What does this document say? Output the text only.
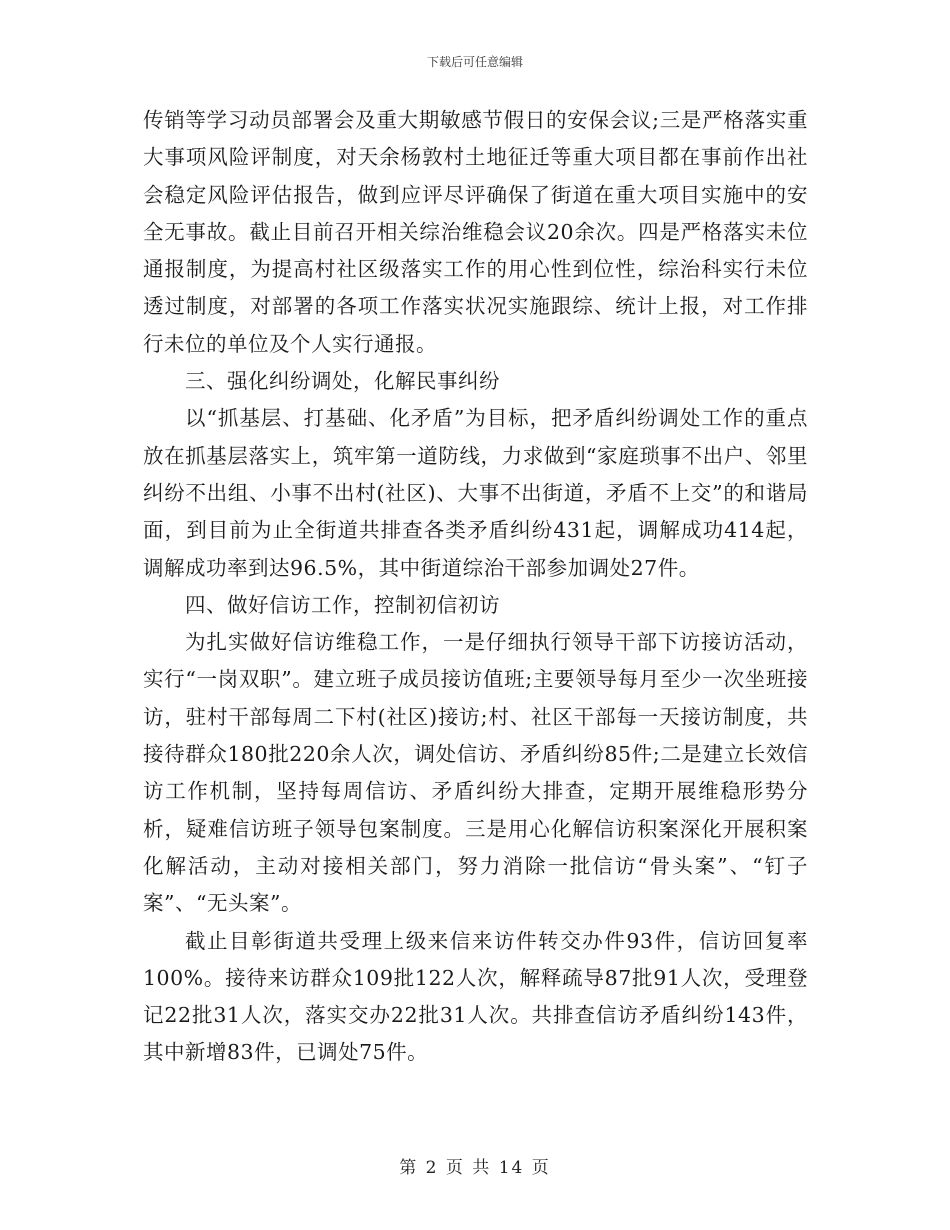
下载后可任意编辑

传销等学习动员部署会及重大期敏感节假日的安保会议;三是严格落实重大事项风险评制度，对天余杨敦村土地征迁等重大项目都在事前作出社会稳定风险评估报告，做到应评尽评确保了街道在重大项目实施中的安全无事故。截止目前召开相关综治维稳会议20余次。四是严格落实未位通报制度，为提高村社区级落实工作的用心性到位性，综治科实行未位透过制度，对部署的各项工作落实状况实施跟综、统计上报，对工作排行未位的单位及个人实行通报。

三、强化纠纷调处，化解民事纠纷

以“抓基层、打基础、化矛盾”为目标，把矛盾纠纷调处工作的重点放在抓基层落实上，筑牢第一道防线，力求做到“家庭琐事不出户、邻里纠纷不出组、小事不出村(社区)、大事不出街道，矛盾不上交”的和谐局面，到目前为止全街道共排查各类矛盾纠纷431起，调解成功414起，调解成功率到达96.5%，其中街道综治干部参加调处27件。

四、做好信访工作，控制初信初访

为扎实做好信访维稳工作，一是仔细执行领导干部下访接访活动，实行“一岗双职”。建立班子成员接访值班;主要领导每月至少一次坐班接访，驻村干部每周二下村(社区)接访;村、社区干部每一天接访制度，共接待群众180批220余人次，调处信访、矛盾纠纷85件;二是建立长效信访工作机制，坚持每周信访、矛盾纠纷大排查，定期开展维稳形势分析，疑难信访班子领导包案制度。三是用心化解信访积案深化开展积案化解活动，主动对接相关部门，努力消除一批信访“骨头案”、“钉子案”、“无头案”。

截止目彰街道共受理上级来信来访件转交办件93件，信访回复率100%。接待来访群众109批122人次，解释疏导87批91人次，受理登记22批31人次，落实交办22批31人次。共排查信访矛盾纠纷143件，其中新增83件，已调处75件。

第 2 页 共 14 页
